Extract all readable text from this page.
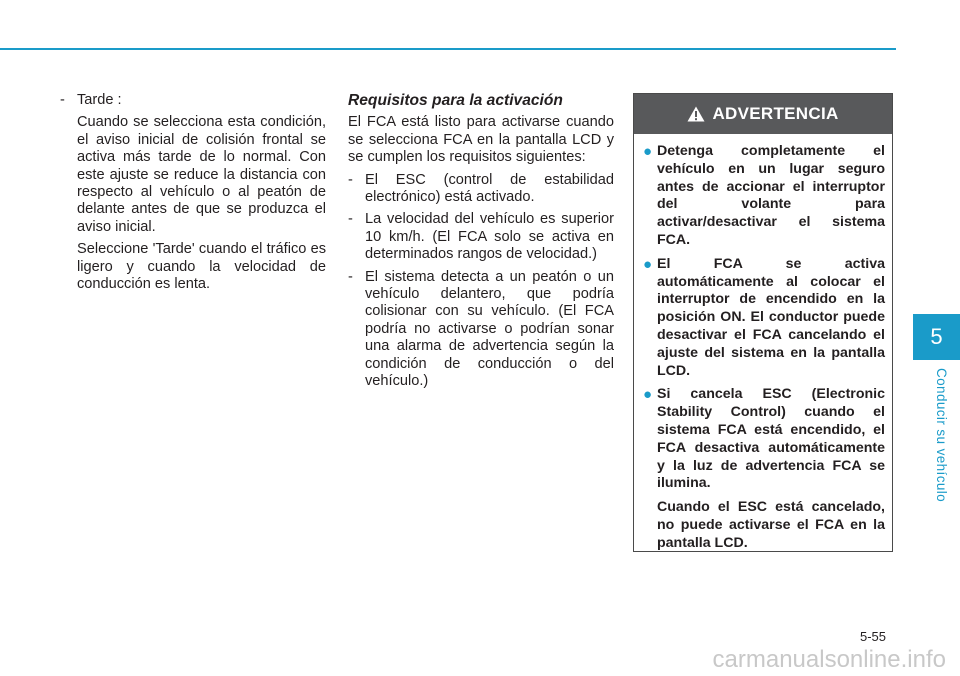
- Tarde :

Cuando se selecciona esta condición, el aviso inicial de colisión frontal se activa más tarde de lo normal. Con este ajuste se reduce la distancia con respecto al vehículo o al peatón de delante antes de que se produzca el aviso inicial.

Seleccione 'Tarde' cuando el tráfico es ligero y cuando la velocidad de conducción es lenta.

Requisitos para la activación

El FCA está listo para activarse cuando se selecciona FCA en la pantalla LCD y se cumplen los requisitos siguientes:

- El ESC (control de estabilidad electrónico) está activado.
- La velocidad del vehículo es superior 10 km/h. (El FCA solo se activa en determinados rangos de velocidad.)
- El sistema detecta a un peatón o un vehículo delantero, que podría colisionar con su vehículo. (El FCA podría no activarse o podrían sonar una alarma de advertencia según la condición de conducción o del vehículo.)
ADVERTENCIA
● Detenga completamente el vehículo en un lugar seguro antes de accionar el interruptor del volante para activar/desactivar el sistema FCA.
● El FCA se activa automáticamente al colocar el interruptor de encendido en la posición ON. El conductor puede desactivar el FCA cancelando el ajuste del sistema en la pantalla LCD.
● Si cancela ESC (Electronic Stability Control) cuando el sistema FCA está encendido, el FCA desactiva automáticamente y la luz de advertencia FCA se ilumina.
Cuando el ESC está cancelado, no puede activarse el FCA en la pantalla LCD.
5
Conducir su vehículo
5-55
carmanualsonline.info
